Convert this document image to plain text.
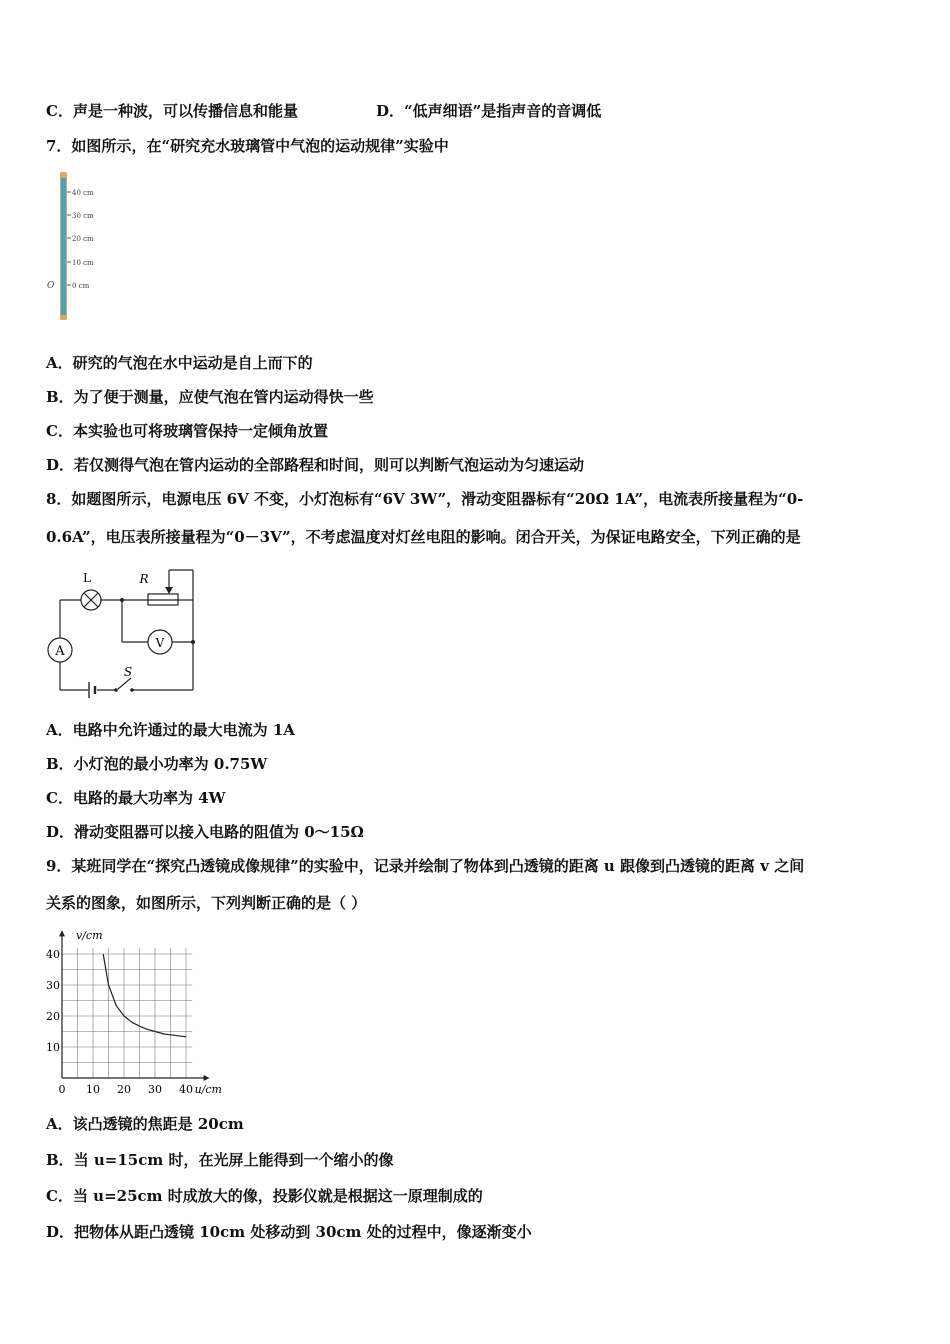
C．声是一种波，可以传播信息和能量	D．“低声细语”是指声音的音调低
7．如图所示，在“研究充水玻璃管中气泡的运动规律”实验中
40 cm
30 cm
20 cm
10 cm
0 cm
O
A．研究的气泡在水中运动是自上而下的
B．为了便于测量，应使气泡在管内运动得快一些
C．本实验也可将玻璃管保持一定倾角放置
D．若仅测得气泡在管内运动的全部路程和时间，则可以判断气泡运动为匀速运动
8．如题图所示，电源电压 6V 不变，小灯泡标有“6V 3W”，滑动变阻器标有“20Ω 1A”，电流表所接量程为“0-
0.6A”，电压表所接量程为“0－3V”，不考虑温度对灯丝电阻的影响。闭合开关，为保证电路安全，下列正确的是
L	R
A
V
S
A．电路中允许通过的最大电流为 1A
B．小灯泡的最小功率为 0.75W
C．电路的最大功率为 4W
D．滑动变阻器可以接入电路的阻值为 0～15Ω
9．某班同学在“探究凸透镜成像规律”的实验中，记录并绘制了物体到凸透镜的距离 u 跟像到凸透镜的距离 v 之间
关系的图象，如图所示，下列判断正确的是（ ）
0 10 20 30 40
40
30
20
10
u/cm
v/cm
A．该凸透镜的焦距是 20cm
B．当 u=15cm 时，在光屏上能得到一个缩小的像
C．当 u=25cm 时成放大的像，投影仪就是根据这一原理制成的
D．把物体从距凸透镜 10cm 处移动到 30cm 处的过程中，像逐渐变小
